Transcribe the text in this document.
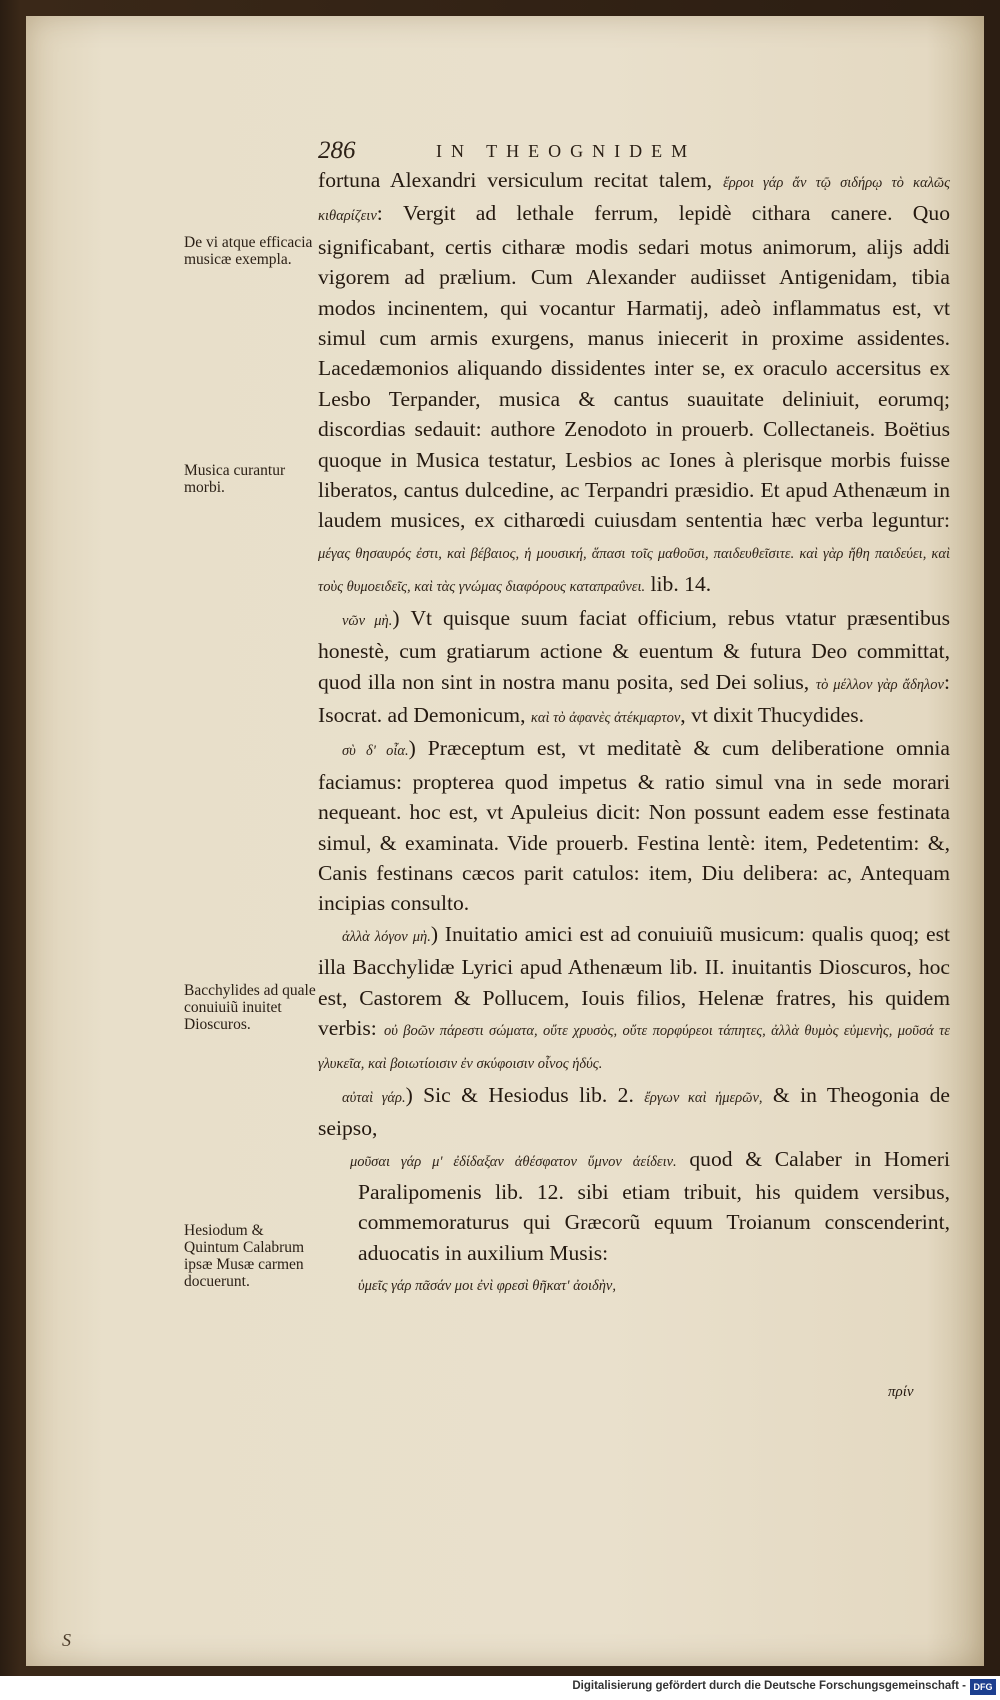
286	IN THEOGNIDEM
De vi atque efficacia musicæ exempla.
Musica curantur morbi.
Bacchylides ad quale conuiuiũ inuitet Dioscuros.
Hesiodum & Quintum Calabrum ipsæ Musæ carmen docuerunt.

fortuna Alexandri versiculum recitat talem, ἔρροι γάρ ἄν τῷ σιδήρῳ τὸ καλῶς κιθαρίζειν: Vergit ad lethale ferrum, lepidè cithara canere. Quo significabant, certis citharæ modis sedari motus animorum, alijs addi vigorem ad prælium. Cum Alexander audiisset Antigenidam, tibia modos incinentem, qui vocantur Harmatij, adeò inflammatus est, vt simul cum armis exurgens, manus iniecerit in proxime assidentes. Lacedæmonios aliquando dissidentes inter se, ex oraculo accersitus ex Lesbo Terpander, musica & cantus suauitate deliniuit, eorumq; discordias sedauit: authore Zenodoto in prouerb. Collectaneis. Boëtius quoque in Musica testatur, Lesbios ac Iones à plerisque morbis fuisse liberatos, cantus dulcedine, ac Terpandri præsidio. Et apud Athenæum in laudem musices, ex citharœdi cuiusdam sententia hæc verba leguntur: μέγας θησαυρός ἐστι, καὶ βέβαιος, ἡ μουσική, ἅπασι τοῖς μαθοῦσι, παιδευθεῖσιτε. καὶ γὰρ ἤθη παιδεύει, καὶ τοὺς θυμοειδεῖς, καὶ τὰς γνώμας διαφόρους καταπραΰνει. lib. 14.

νῶν μὴ.) Vt quisque suum faciat officium, rebus vtatur præsentibus honestè, cum gratiarum actione & euentum & futura Deo committat, quod illa non sint in nostra manu posita, sed Dei solius, τὸ μέλλον γὰρ ἄδηλον: Isocrat. ad Demonicum, καὶ τὸ ἀφανὲς ἀτέκμαρτον, vt dixit Thucydides.

σὺ δ' οἶα.) Præceptum est, vt meditatè & cum deliberatione omnia faciamus: propterea quod impetus & ratio simul vna in sede morari nequeant. hoc est, vt Apuleius dicit: Non possunt eadem esse festinata simul, & examinata. Vide prouerb. Festina lentè: item, Pedetentim: &, Canis festinans cæcos parit catulos: item, Diu delibera: ac, Antequam incipias consulto.

ἀλλὰ λόγον μὴ.) Inuitatio amici est ad conuiuiũ musicum: qualis quoq; est illa Bacchylidæ Lyrici apud Athenæum lib. II. inuitantis Dioscuros, hoc est, Castorem & Pollucem, Iouis filios, Helenæ fratres, his quidem verbis: οὐ βοῶν πάρεστι σώματα, οὔτε χρυσὸς, οὔτε πορφύρεοι τάπητες, ἀλλὰ θυμὸς εὐμενὴς, μοῦσά τε γλυκεῖα, καὶ βοιωτίοισιν ἐν σκύφοισιν οἶνος ἡδύς.

αὐταὶ γάρ.) Sic & Hesiodus lib. 2. ἔργων καὶ ἡμερῶν, & in Theogonia de seipso,

μοῦσαι γάρ μ' ἐδίδαξαν ἀθέσφατον ὕμνον ἀείδειν. quod & Calaber in Homeri Paralipomenis lib. 12. sibi etiam tribuit, his quidem versibus, commemoraturus qui Græcorũ equum Troianum conscenderint, aduocatis in auxilium Musis:

ὑμεῖς γάρ πᾶσάν μοι ἐνὶ φρεσὶ θῆκατ' ἀοιδὴν,

πρίν
S
Digitalisierung gefördert durch die Deutsche Forschungsgemeinschaft - DFG
